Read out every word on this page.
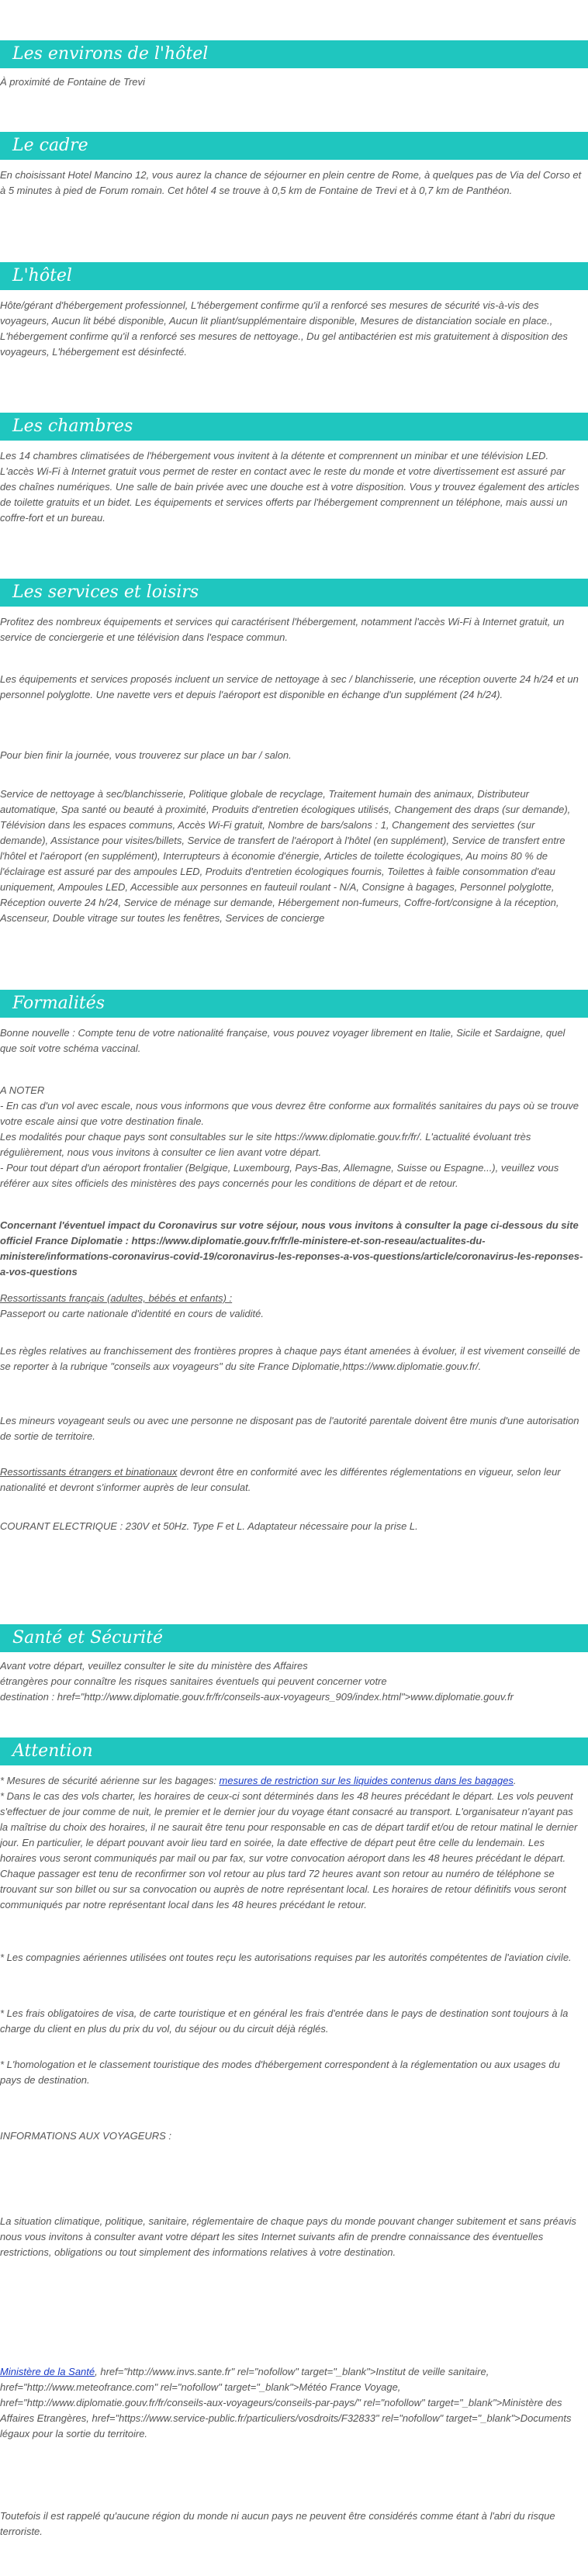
Les environs de l'hôtel

À proximité de Fontaine de Trevi

Le cadre

En choisissant Hotel Mancino 12, vous aurez la chance de séjourner en plein centre de Rome, à quelques pas de Via del Corso et à 5 minutes à pied de Forum romain. Cet hôtel 4 se trouve à 0,5 km de Fontaine de Trevi et à 0,7 km de Panthéon.

L'hôtel

Hôte/gérant d'hébergement professionnel, L'hébergement confirme qu'il a renforcé ses mesures de sécurité vis-à-vis des voyageurs, Aucun lit bébé disponible, Aucun lit pliant/supplémentaire disponible, Mesures de distanciation sociale en place., L'hébergement confirme qu'il a renforcé ses mesures de nettoyage., Du gel antibactérien est mis gratuitement à disposition des voyageurs, L'hébergement est désinfecté.

Les chambres

Les 14 chambres climatisées de l'hébergement vous invitent à la détente et comprennent un minibar et une télévision LED. L'accès Wi-Fi à Internet gratuit vous permet de rester en contact avec le reste du monde et votre divertissement est assuré par des chaînes numériques. Une salle de bain privée avec une douche est à votre disposition. Vous y trouvez également des articles de toilette gratuits et un bidet. Les équipements et services offerts par l'hébergement comprennent un téléphone, mais aussi un coffre-fort et un bureau.

Les services et loisirs

Profitez des nombreux équipements et services qui caractérisent l'hébergement, notamment l'accès Wi-Fi à Internet gratuit, un service de conciergerie et une télévision dans l'espace commun.

Les équipements et services proposés incluent un service de nettoyage à sec / blanchisserie, une réception ouverte 24 h/24 et un personnel polyglotte. Une navette vers et depuis l'aéroport est disponible en échange d'un supplément (24 h/24).

Pour bien finir la journée, vous trouverez sur place un bar / salon.

Service de nettoyage à sec/blanchisserie, Politique globale de recyclage, Traitement humain des animaux, Distributeur automatique, Spa santé ou beauté à proximité, Produits d'entretien écologiques utilisés, Changement des draps (sur demande), Télévision dans les espaces communs, Accès Wi-Fi gratuit, Nombre de bars/salons : 1, Changement des serviettes (sur demande), Assistance pour visites/billets, Service de transfert de l'aéroport à l'hôtel (en supplément), Service de transfert entre l'hôtel et l'aéroport (en supplément), Interrupteurs à économie d'énergie, Articles de toilette écologiques, Au moins 80 % de l'éclairage est assuré par des ampoules LED, Produits d'entretien écologiques fournis, Toilettes à faible consommation d'eau uniquement, Ampoules LED, Accessible aux personnes en fauteuil roulant - N/A, Consigne à bagages, Personnel polyglotte, Réception ouverte 24 h/24, Service de ménage sur demande, Hébergement non-fumeurs, Coffre-fort/consigne à la réception, Ascenseur, Double vitrage sur toutes les fenêtres, Services de concierge

Formalités

Bonne nouvelle : Compte tenu de votre nationalité française, vous pouvez voyager librement en Italie, Sicile et Sardaigne, quel que soit votre schéma vaccinal.

A NOTER

- En cas d'un vol avec escale, nous vous informons que vous devrez être conforme aux formalités sanitaires du pays où se trouve votre escale ainsi que votre destination finale.

Les modalités pour chaque pays sont consultables sur le site https://www.diplomatie.gouv.fr/fr/. L'actualité évoluant très régulièrement, nous vous invitons à consulter ce lien avant votre départ.

- Pour tout départ d'un aéroport frontalier (Belgique, Luxembourg, Pays-Bas, Allemagne, Suisse ou Espagne...), veuillez vous référer aux sites officiels des ministères des pays concernés pour les conditions de départ et de retour.

Concernant l'éventuel impact du Coronavirus sur votre séjour, nous vous invitons à consulter la page ci-dessous du site officiel France Diplomatie : https://www.diplomatie.gouv.fr/fr/le-ministere-et-son-reseau/actualites-du-ministere/informations-coronavirus-covid-19/coronavirus-les-reponses-a-vos-questions/article/coronavirus-les-reponses-a-vos-questions

Ressortissants français (adultes, bébés et enfants) :
Passeport ou carte nationale d'identité en cours de validité.

Les règles relatives au franchissement des frontières propres à chaque pays étant amenées à évoluer, il est vivement conseillé de se reporter à la rubrique "conseils aux voyageurs" du site France Diplomatie,https://www.diplomatie.gouv.fr/.

Les mineurs voyageant seuls ou avec une personne ne disposant pas de l'autorité parentale doivent être munis d'une autorisation de sortie de territoire.

Ressortissants étrangers et binationaux devront être en conformité avec les différentes réglementations en vigueur, selon leur nationalité et devront s'informer auprès de leur consulat.

COURANT ELECTRIQUE : 230V et 50Hz. Type F et L. Adaptateur nécessaire pour la prise L.

Santé et Sécurité

Avant votre départ, veuillez consulter le site du ministère des Affaires
étrangères pour connaître les risques sanitaires éventuels qui peuvent concerner votre
destination : href="http://www.diplomatie.gouv.fr/fr/conseils-aux-voyageurs_909/index.html">www.diplomatie.gouv.fr

Attention

* Mesures de sécurité aérienne sur les bagages: mesures de restriction sur les liquides contenus dans les bagages.

* Dans le cas des vols charter, les horaires de ceux-ci sont déterminés dans les 48 heures précédant le départ. Les vols peuvent s'effectuer de jour comme de nuit, le premier et le dernier jour du voyage étant consacré au transport. L'organisateur n'ayant pas la maîtrise du choix des horaires, il ne saurait être tenu pour responsable en cas de départ tardif et/ou de retour matinal le dernier jour. En particulier, le départ pouvant avoir lieu tard en soirée, la date effective de départ peut être celle du lendemain. Les horaires vous seront communiqués par mail ou par fax, sur votre convocation aéroport dans les 48 heures précédant le départ. Chaque passager est tenu de reconfirmer son vol retour au plus tard 72 heures avant son retour au numéro de téléphone se trouvant sur son billet ou sur sa convocation ou auprès de notre représentant local. Les horaires de retour définitifs vous seront communiqués par notre représentant local dans les 48 heures précédant le retour.

* Les compagnies aériennes utilisées ont toutes reçu les autorisations requises par les autorités compétentes de l'aviation civile.

* Les frais obligatoires de visa, de carte touristique et en général les frais d'entrée dans le pays de destination sont toujours à la charge du client en plus du prix du vol, du séjour ou du circuit déjà réglés.

* L'homologation et le classement touristique des modes d'hébergement correspondent à la réglementation ou aux usages du pays de destination.

INFORMATIONS AUX VOYAGEURS :

La situation climatique, politique, sanitaire, réglementaire de chaque pays du monde pouvant changer subitement et sans préavis
nous vous invitons à consulter avant votre départ les sites Internet suivants afin de prendre connaissance des éventuelles restrictions, obligations ou tout simplement des informations relatives à votre destination.

Ministère de la Santé, href="http://www.invs.sante.fr" rel="nofollow" target="_blank">Institut de veille sanitaire, href="http://www.meteofrance.com" rel="nofollow" target="_blank">Météo France Voyage, href="http://www.diplomatie.gouv.fr/fr/conseils-aux-voyageurs/conseils-par-pays/" rel="nofollow" target="_blank">Ministère des Affaires Etrangères, href="https://www.service-public.fr/particuliers/vosdroits/F32833" rel="nofollow" target="_blank">Documents légaux pour la sortie du territoire.

Toutefois il est rappelé qu'aucune région du monde ni aucun pays ne peuvent être considérés comme étant à l'abri du risque terroriste.
